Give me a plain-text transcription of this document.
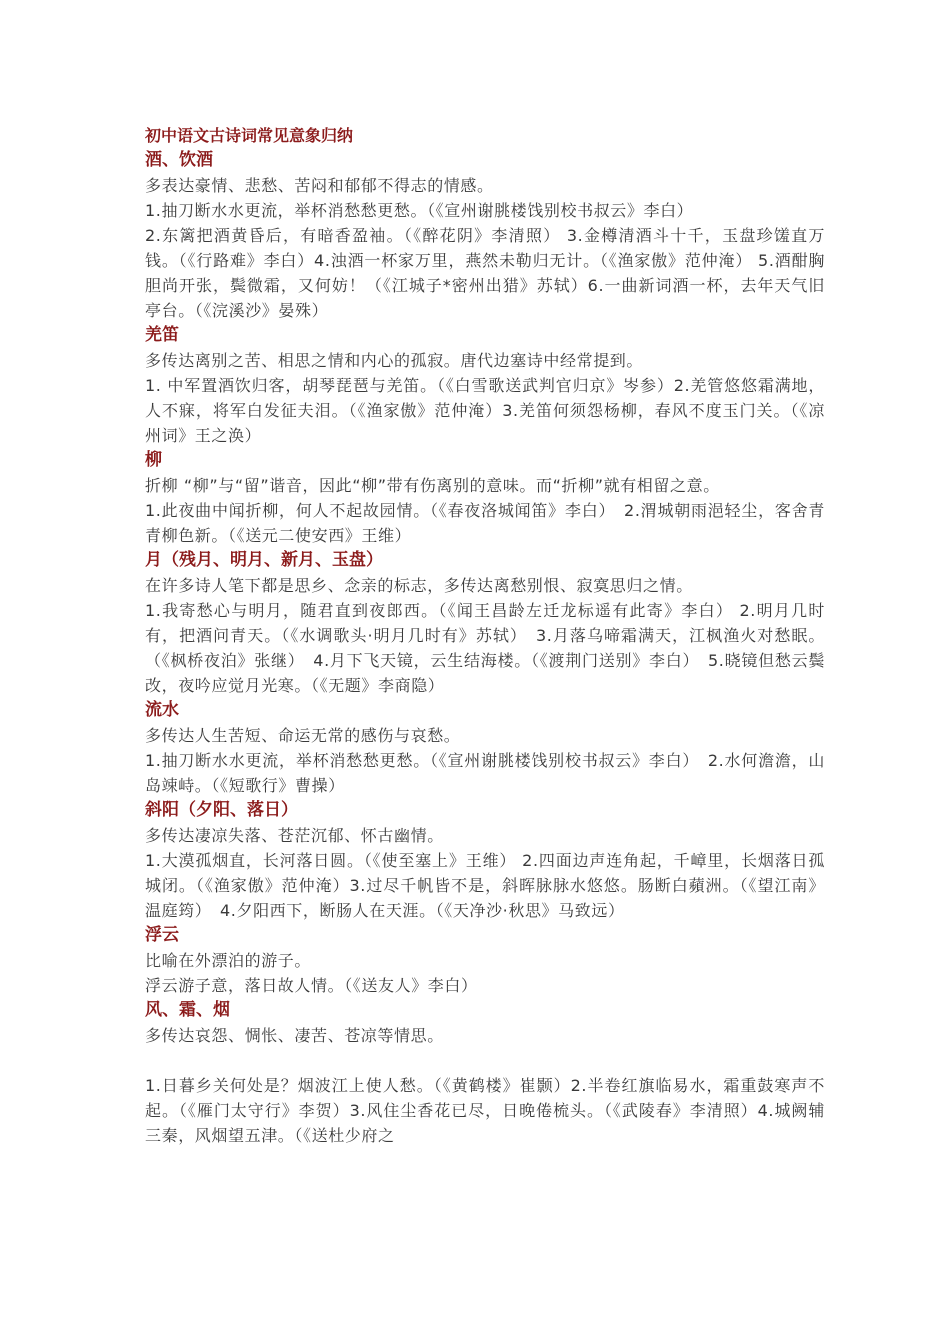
初中语文古诗词常见意象归纳

酒、饮酒

多表达豪情、悲愁、苦闷和郁郁不得志的情感。

1.抽刀断水水更流，举杯消愁愁更愁。（《宣州谢朓楼饯别校书叔云》李白）
2.东篱把酒黄昏后，有暗香盈袖。（《醉花阴》李清照） 3.金樽清酒斗十千，玉盘珍馐直万钱。（《行路难》李白）4.浊酒一杯家万里，燕然未勒归无计。（《渔家傲》范仲淹） 5.酒酣胸胆尚开张，鬓微霜，又何妨！（《江城子*密州出猎》苏轼）6.一曲新词酒一杯，去年天气旧亭台。（《浣溪沙》晏殊）

羌笛

多传达离别之苦、相思之情和内心的孤寂。唐代边塞诗中经常提到。

1. 中军置酒饮归客，胡琴琵琶与羌笛。（《白雪歌送武判官归京》岑参）2.羌管悠悠霜满地，人不寐，将军白发征夫泪。（《渔家傲》范仲淹）3.羌笛何须怨杨柳，春风不度玉门关。（《凉州词》王之涣）

柳

折柳 “柳”与“留”谐音，因此“柳”带有伤离别的意味。而“折柳”就有相留之意。

1.此夜曲中闻折柳，何人不起故园情。（《春夜洛城闻笛》李白）　2.渭城朝雨浥轻尘，客舍青青柳色新。（《送元二使安西》王维）

月（残月、明月、新月、玉盘）

在许多诗人笔下都是思乡、念亲的标志，多传达离愁别恨、寂寞思归之情。

1.我寄愁心与明月，随君直到夜郎西。（《闻王昌龄左迁龙标遥有此寄》李白） 2.明月几时有，把酒问青天。（《水调歌头·明月几时有》苏轼）　3.月落乌啼霜满天，江枫渔火对愁眠。 （《枫桥夜泊》张继）　4.月下飞天镜，云生结海楼。（《渡荆门送别》李白）　5.晓镜但愁云鬓改，夜吟应觉月光寒。（《无题》李商隐）

流水

多传达人生苦短、命运无常的感伤与哀愁。

1.抽刀断水水更流，举杯消愁愁更愁。（《宣州谢朓楼饯别校书叔云》李白）　2.水何澹澹，山岛竦峙。（《短歌行》曹操）

斜阳（夕阳、落日）

多传达凄凉失落、苍茫沉郁、怀古幽情。

1.大漠孤烟直，长河落日圆。（《使至塞上》王维） 2.四面边声连角起，千嶂里，长烟落日孤城闭。（《渔家傲》范仲淹）3.过尽千帆皆不是，斜晖脉脉水悠悠。肠断白蘋洲。（《望江南》温庭筠）　4.夕阳西下，断肠人在天涯。（《天净沙·秋思》马致远）

浮云

比喻在外漂泊的游子。

浮云游子意，落日故人情。（《送友人》李白）

风、霜、烟

多传达哀怨、惆怅、凄苦、苍凉等情思。

1.日暮乡关何处是？烟波江上使人愁。（《黄鹤楼》崔颢）2.半卷红旗临易水，霜重鼓寒声不起。（《雁门太守行》李贺）3.风住尘香花已尽，日晚倦梳头。（《武陵春》李清照）4.城阙辅三秦，风烟望五津。（《送杜少府之
